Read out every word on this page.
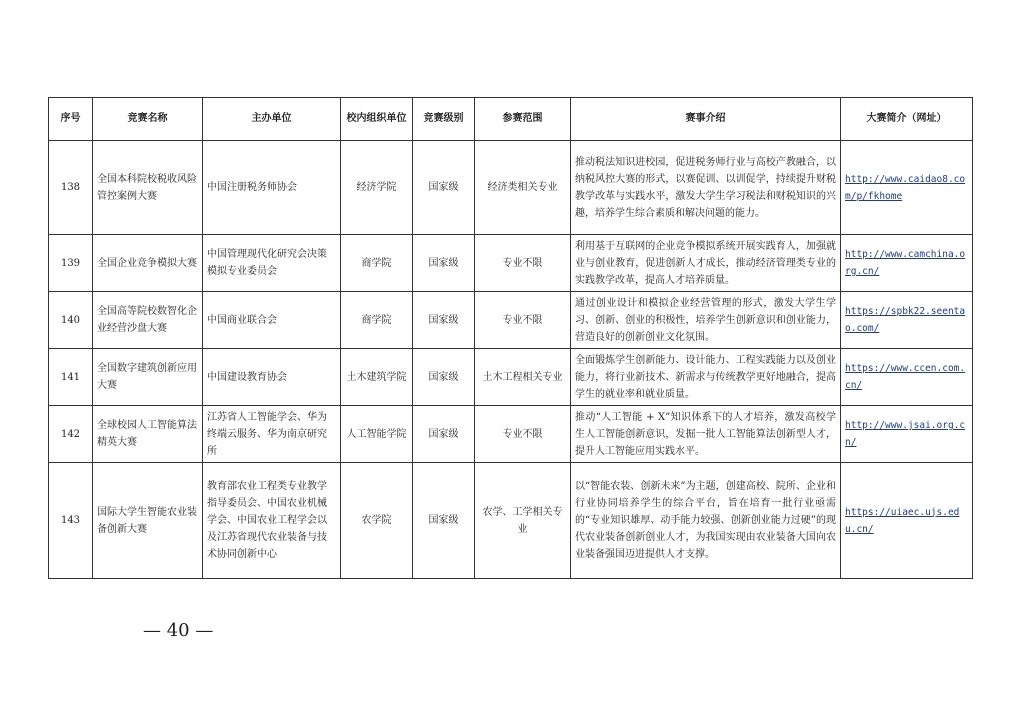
序号	竞赛名称	主办单位	校内组织单位	竞赛级别	参赛范围	赛事介绍	大赛简介（网址）
138	全国本科院校税收风险管控案例大赛	中国注册税务师协会	经济学院	国家级	经济类相关专业	推动税法知识进校园，促进税务师行业与高校产教融合，以纳税风控大赛的形式，以赛促训、以训促学，持续提升财税教学改革与实践水平，激发大学生学习税法和财税知识的兴趣，培养学生综合素质和解决问题的能力。	http://www.caidao8.com/p/fkhome
139	全国企业竞争模拟大赛	中国管理现代化研究会决策模拟专业委员会	商学院	国家级	专业不限	利用基于互联网的企业竞争模拟系统开展实践育人，加强就业与创业教育，促进创新人才成长，推动经济管理类专业的实践教学改革，提高人才培养质量。	http://www.camchina.org.cn/
140	全国高等院校数智化企业经营沙盘大赛	中国商业联合会	商学院	国家级	专业不限	通过创业设计和模拟企业经营管理的形式，激发大学生学习、创新、创业的积极性，培养学生创新意识和创业能力，营造良好的创新创业文化氛围。	https://spbk22.seentao.com/
141	全国数字建筑创新应用大赛	中国建设教育协会	土木建筑学院	国家级	土木工程相关专业	全面锻炼学生创新能力、设计能力、工程实践能力以及创业能力，将行业新技术、新需求与传统教学更好地融合，提高学生的就业率和就业质量。	https://www.ccen.com.cn/
142	全球校园人工智能算法精英大赛	江苏省人工智能学会、华为终端云服务、华为南京研究所	人工智能学院	国家级	专业不限	推动“人工智能 + X”知识体系下的人才培养，激发高校学生人工智能创新意识，发掘一批人工智能算法创新型人才，提升人工智能应用实践水平。	http://www.jsai.org.cn/
143	国际大学生智能农业装备创新大赛	教育部农业工程类专业教学指导委员会、中国农业机械学会、中国农业工程学会以及江苏省现代农业装备与技术协同创新中心	农学院	国家级	农学、工学相关专业	以“智能农装、创新未来”为主题，创建高校、院所、企业和行业协同培养学生的综合平台，旨在培育一批行业亟需的“专业知识雄厚、动手能力较强、创新创业能力过硬”的现代农业装备创新创业人才，为我国实现由农业装备大国向农业装备强国迈进提供人才支撑。	https://uiaec.ujs.edu.cn/
— 40 —
